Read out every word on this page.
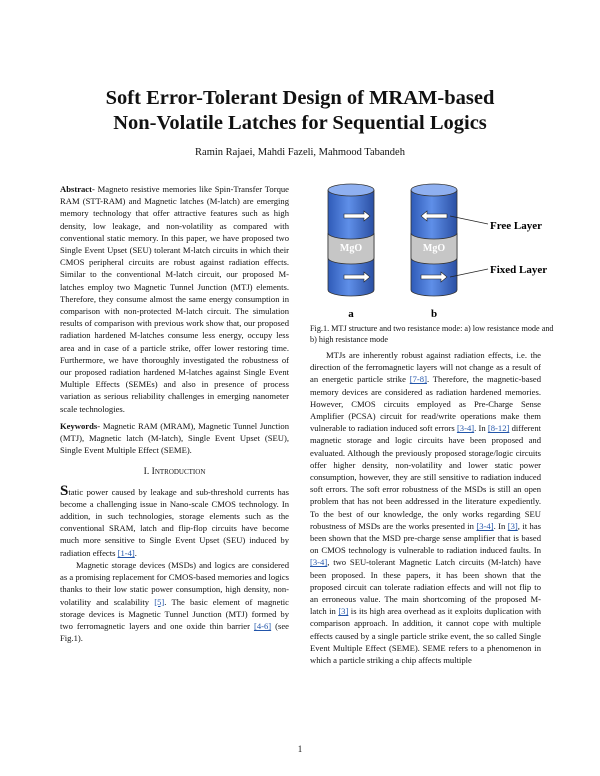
Soft Error-Tolerant Design of MRAM-based
Non-Volatile Latches for Sequential Logics
Ramin Rajaei, Mahdi Fazeli, Mahmood Tabandeh

Abstract- Magneto resistive memories like Spin-Transfer Torque RAM (STT-RAM) and Magnetic latches (M-latch) are emerging memory technology that offer attractive features such as high density, low leakage, and non-volatility as compared with conventional static memory. In this paper, we have proposed two Single Event Upset (SEU) tolerant M-latch circuits in which their CMOS peripheral circuits are robust against radiation effects. Similar to the conventional M-latch circuit, our proposed M-latches employ two Magnetic Tunnel Junction (MTJ) elements. Therefore, they consume almost the same energy consumption in comparison with non-protected M-latch circuit. The simulation results of comparison with previous work show that, our proposed radiation hardened M-latches consume less energy, occupy less area and in case of a particle strike, offer lower restoring time. Furthermore, we have thoroughly investigated the robustness of our proposed radiation hardened M-latches against Single Event Multiple Effects (SEMEs) and also in presence of process variation as serious reliability challenges in emerging nanometer scale technologies.

Keywords- Magnetic RAM (MRAM), Magnetic Tunnel Junction (MTJ), Magnetic latch (M-latch), Single Event Upset (SEU), Single Event Multiple Effect (SEME).

I. Introduction

Static power caused by leakage and sub-threshold currents has become a challenging issue in Nano-scale CMOS technology. In addition, in such technologies, storage elements such as the conventional SRAM, latch and flip-flop circuits have become much more sensitive to Single Event Upset (SEU) induced by radiation effects [1-4].

Magnetic storage devices (MSDs) and logics are considered as a promising replacement for CMOS-based memories and logics thanks to their low static power consumption, high density, non-volatility and scalability [5]. The basic element of magnetic storage devices is Magnetic Tunnel Junction (MTJ) formed by two ferromagnetic layers and one oxide thin barrier [4-6] (see Fig.1).

MgO	MgO
Free Layer
Fixed Layer
a	b
Fig.1. MTJ structure and two resistance mode: a) low resistance mode and b) high resistance mode

MTJs are inherently robust against radiation effects, i.e. the direction of the ferromagnetic layers will not change as a result of an energetic particle strike [7-8]. Therefore, the magnetic-based memory devices are considered as radiation hardened memories. However, CMOS circuits employed as Pre-Charge Sense Amplifier (PCSA) circuit for read/write operations make them vulnerable to radiation induced soft errors [3-4]. In [8-12] different magnetic storage and logic circuits have been proposed and evaluated. Although the previously proposed storage/logic circuits offer higher density, non-volatility and lower static power consumption, however, they are still sensitive to radiation induced soft errors. The soft error robustness of the MSDs is still an open problem that has not been addressed in the literature expediently. To the best of our knowledge, the only works regarding SEU robustness of MSDs are the works presented in [3-4]. In [3], it has been shown that the MSD pre-charge sense amplifier that is based on CMOS technology is vulnerable to radiation induced faults. In [3-4], two SEU-tolerant Magnetic Latch circuits (M-latch) have been proposed. In these papers, it has been shown that the proposed circuit can tolerate radiation effects and will not flip to an erroneous value. The main shortcoming of the proposed M-latch in [3] is its high area overhead as it exploits duplication with comparison approach. In addition, it cannot cope with multiple effects caused by a single particle strike event, the so called Single Event Multiple Effect (SEME). SEME refers to a phenomenon in which a particle striking a chip affects multiple

1
